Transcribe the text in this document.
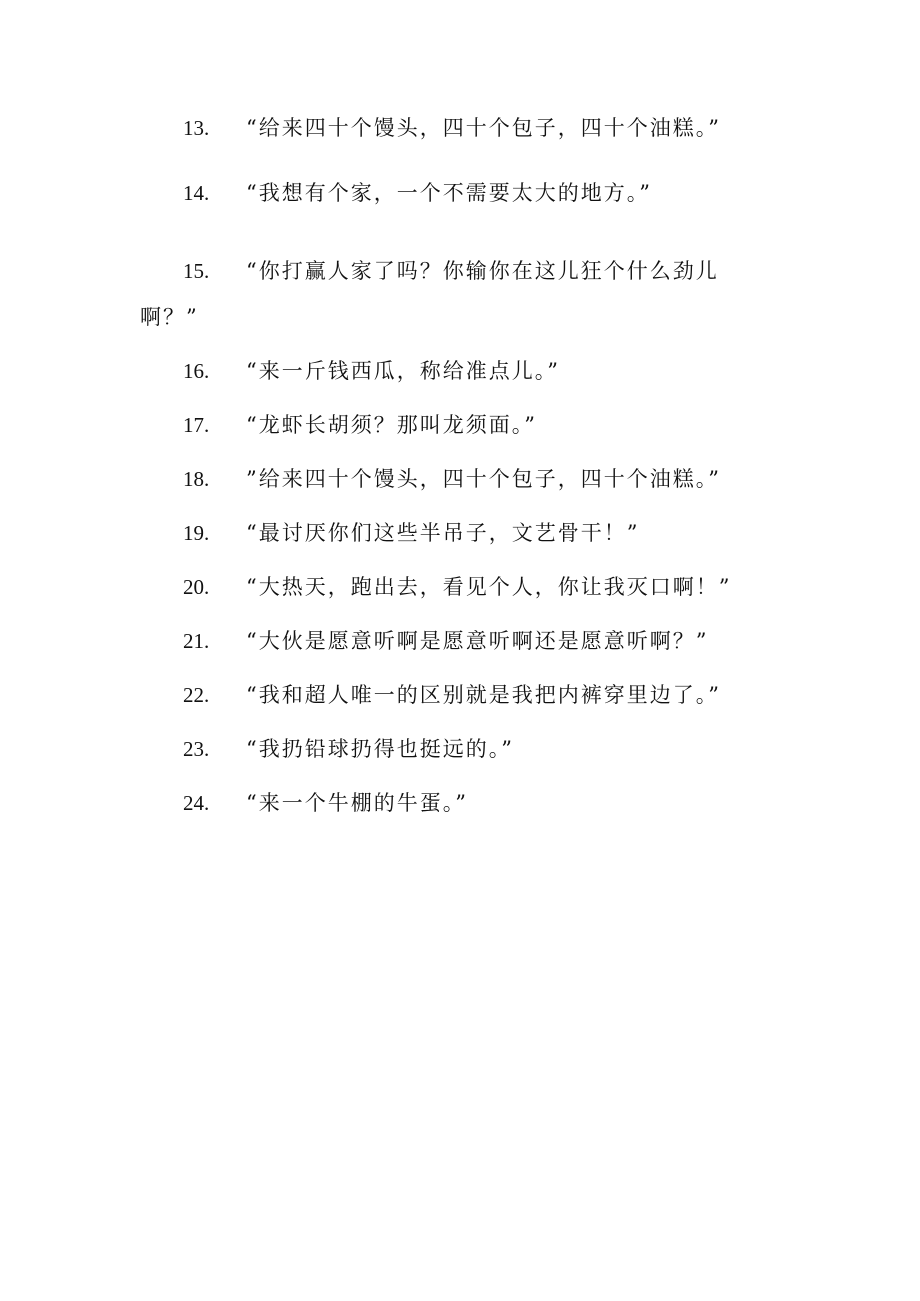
13.	“给来四十个馒头，四十个包子，四十个油糕。”
14.	“我想有个家，一个不需要太大的地方。”
15.	“你打赢人家了吗？你输你在这儿狂个什么劲儿
啊？”
16.	“来一斤钱西瓜，称给准点儿。”
17.	“龙虾长胡须？那叫龙须面。”
18.	”给来四十个馒头，四十个包子，四十个油糕。”
19.	“最讨厌你们这些半吊子，文艺骨干！”
20.	“大热天，跑出去，看见个人，你让我灭口啊！”
21.	“大伙是愿意听啊是愿意听啊还是愿意听啊？”
22.	“我和超人唯一的区别就是我把内裤穿里边了。”
23.	“我扔铅球扔得也挺远的。”
24.	“来一个牛棚的牛蛋。”
